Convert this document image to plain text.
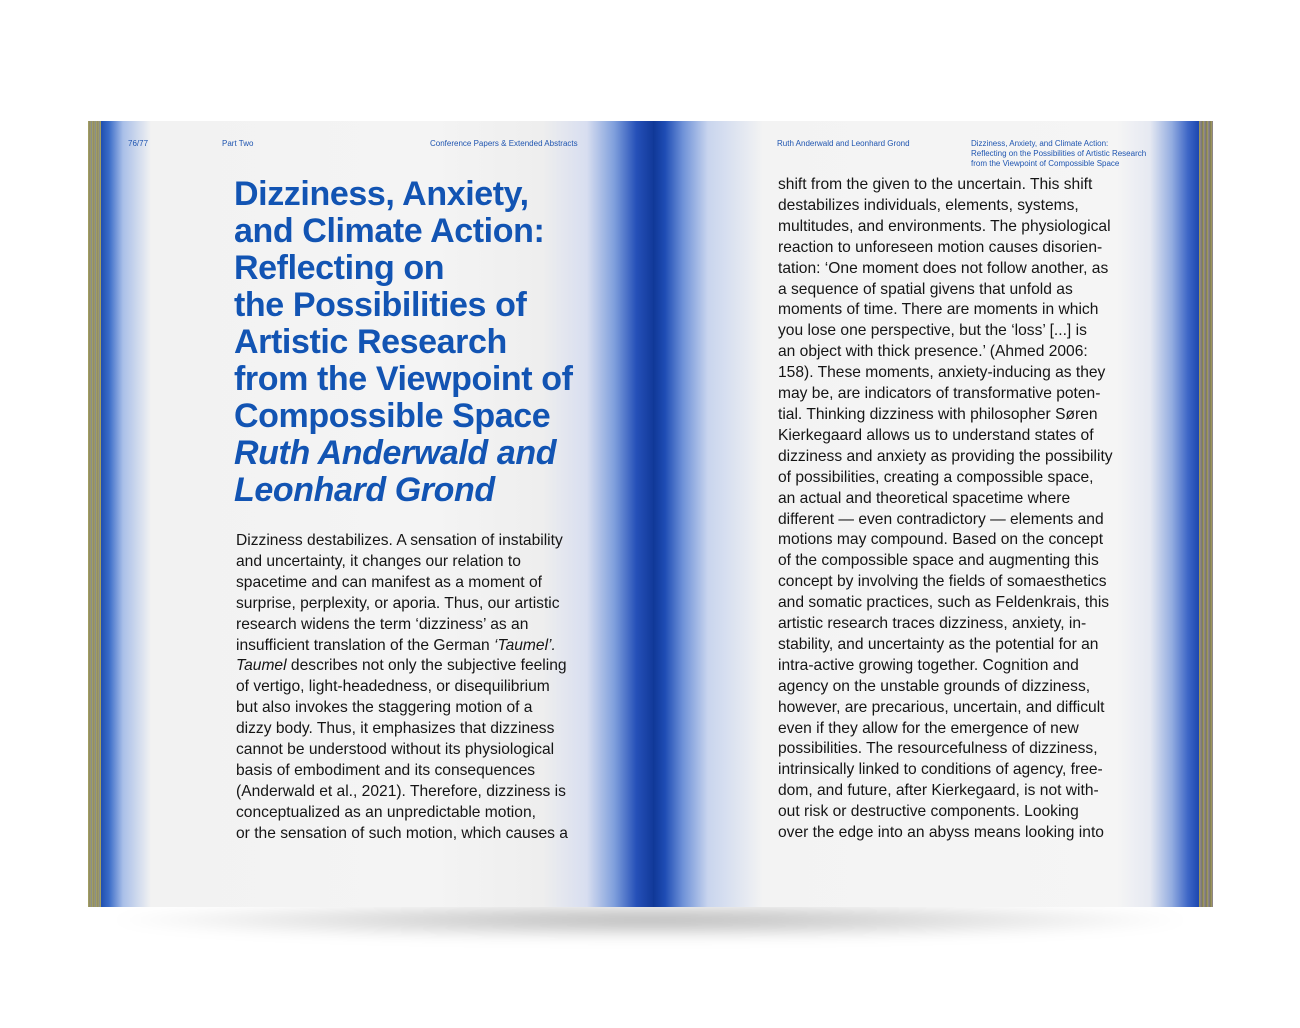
76/77	Part Two	Conference Papers & Extended Abstracts
Dizziness, Anxiety,
and Climate Action:
Reflecting on
the Possibilities of
Artistic Research
from the Viewpoint of
Compossible Space
Ruth Anderwald and
Leonhard Grond

Dizziness destabilizes. A sensation of instability
and uncertainty, it changes our relation to
spacetime and can manifest as a moment of
surprise, perplexity, or aporia. Thus, our artistic
research widens the term ‘dizziness’ as an
insufficient translation of the German ‘Taumel’.
Taumel describes not only the subjective feeling
of vertigo, light-headedness, or disequilibrium
but also invokes the staggering motion of a
dizzy body. Thus, it emphasizes that dizziness
cannot be understood without its physiological
basis of embodiment and its consequences
(Anderwald et al., 2021). Therefore, dizziness is
conceptualized as an unpredictable motion,
or the sensation of such motion, which causes a

Ruth Anderwald and Leonhard Grond	Dizziness, Anxiety, and Climate Action:
Reflecting on the Possibilities of Artistic Research
from the Viewpoint of Compossible Space

shift from the given to the uncertain. This shift
destabilizes individuals, elements, systems,
multitudes, and environments. The physiological
reaction to unforeseen motion causes disorien-
tation: ‘One moment does not follow another, as
a sequence of spatial givens that unfold as
moments of time. There are moments in which
you lose one perspective, but the ‘loss’ [...] is
an object with thick presence.’ (Ahmed 2006:
158). These moments, anxiety-inducing as they
may be, are indicators of transformative poten-
tial. Thinking dizziness with philosopher Søren
Kierkegaard allows us to understand states of
dizziness and anxiety as providing the possibility
of possibilities, creating a compossible space,
an actual and theoretical spacetime where
different — even contradictory — elements and
motions may compound. Based on the concept
of the compossible space and augmenting this
concept by involving the fields of somaesthetics
and somatic practices, such as Feldenkrais, this
artistic research traces dizziness, anxiety, in-
stability, and uncertainty as the potential for an
intra-active growing together. Cognition and
agency on the unstable grounds of dizziness,
however, are precarious, uncertain, and difficult
even if they allow for the emergence of new
possibilities. The resourcefulness of dizziness,
intrinsically linked to conditions of agency, free-
dom, and future, after Kierkegaard, is not with-
out risk or destructive components. Looking
over the edge into an abyss means looking into
